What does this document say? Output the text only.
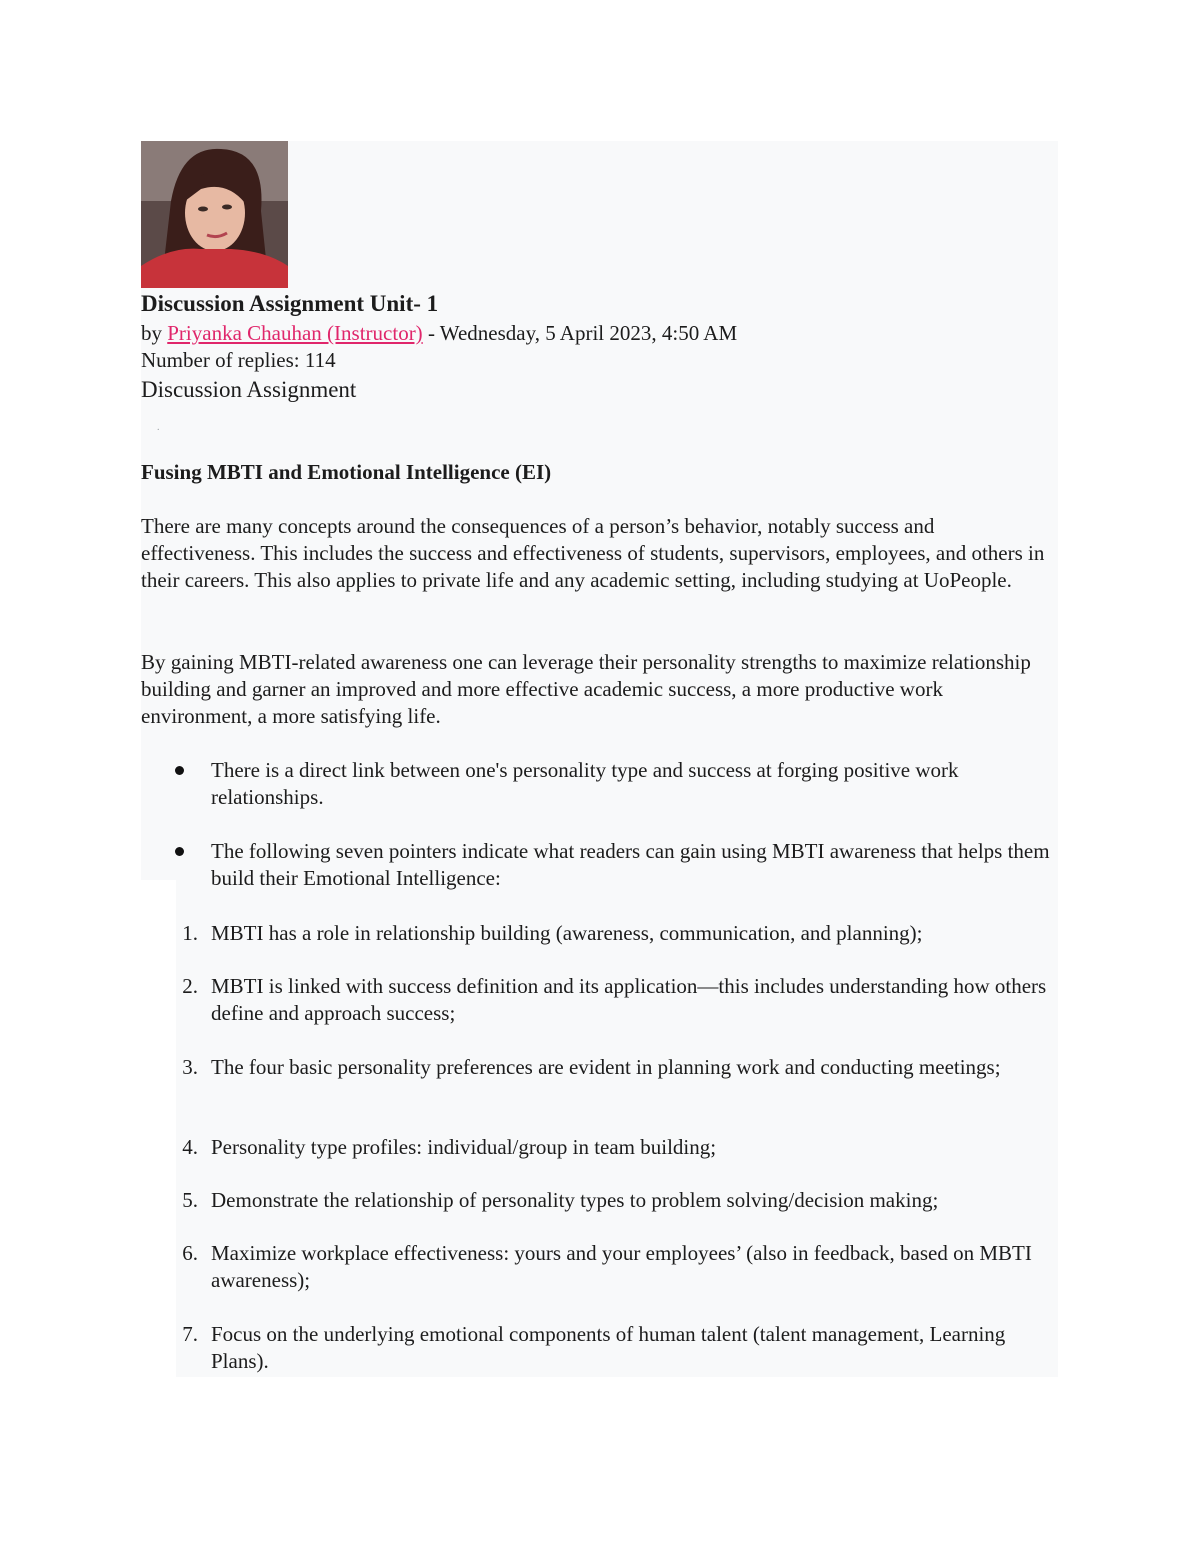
Discussion Assignment Unit- 1
by Priyanka Chauhan (Instructor) - Wednesday, 5 April 2023, 4:50 AM
Number of replies: 114
Discussion Assignment
.
Fusing MBTI and Emotional Intelligence (EI)

There are many concepts around the consequences of a person’s behavior, notably success and effectiveness. This includes the success and effectiveness of students, supervisors, employees, and others in their careers. This also applies to private life and any academic setting, including studying at UoPeople.

By gaining MBTI-related awareness one can leverage their personality strengths to maximize relationship building and garner an improved and more effective academic success, a more productive work environment, a more satisfying life.

There is a direct link between one's personality type and success at forging positive work relationships.

The following seven pointers indicate what readers can gain using MBTI awareness that helps them build their Emotional Intelligence:

1. MBTI has a role in relationship building (awareness, communication, and planning);

2. MBTI is linked with success definition and its application—this includes understanding how others define and approach success;

3. The four basic personality preferences are evident in planning work and conducting meetings;

4. Personality type profiles: individual/group in team building;

5. Demonstrate the relationship of personality types to problem solving/decision making;

6. Maximize workplace effectiveness: yours and your employees’ (also in feedback, based on MBTI awareness);

7. Focus on the underlying emotional components of human talent (talent management, Learning Plans).
